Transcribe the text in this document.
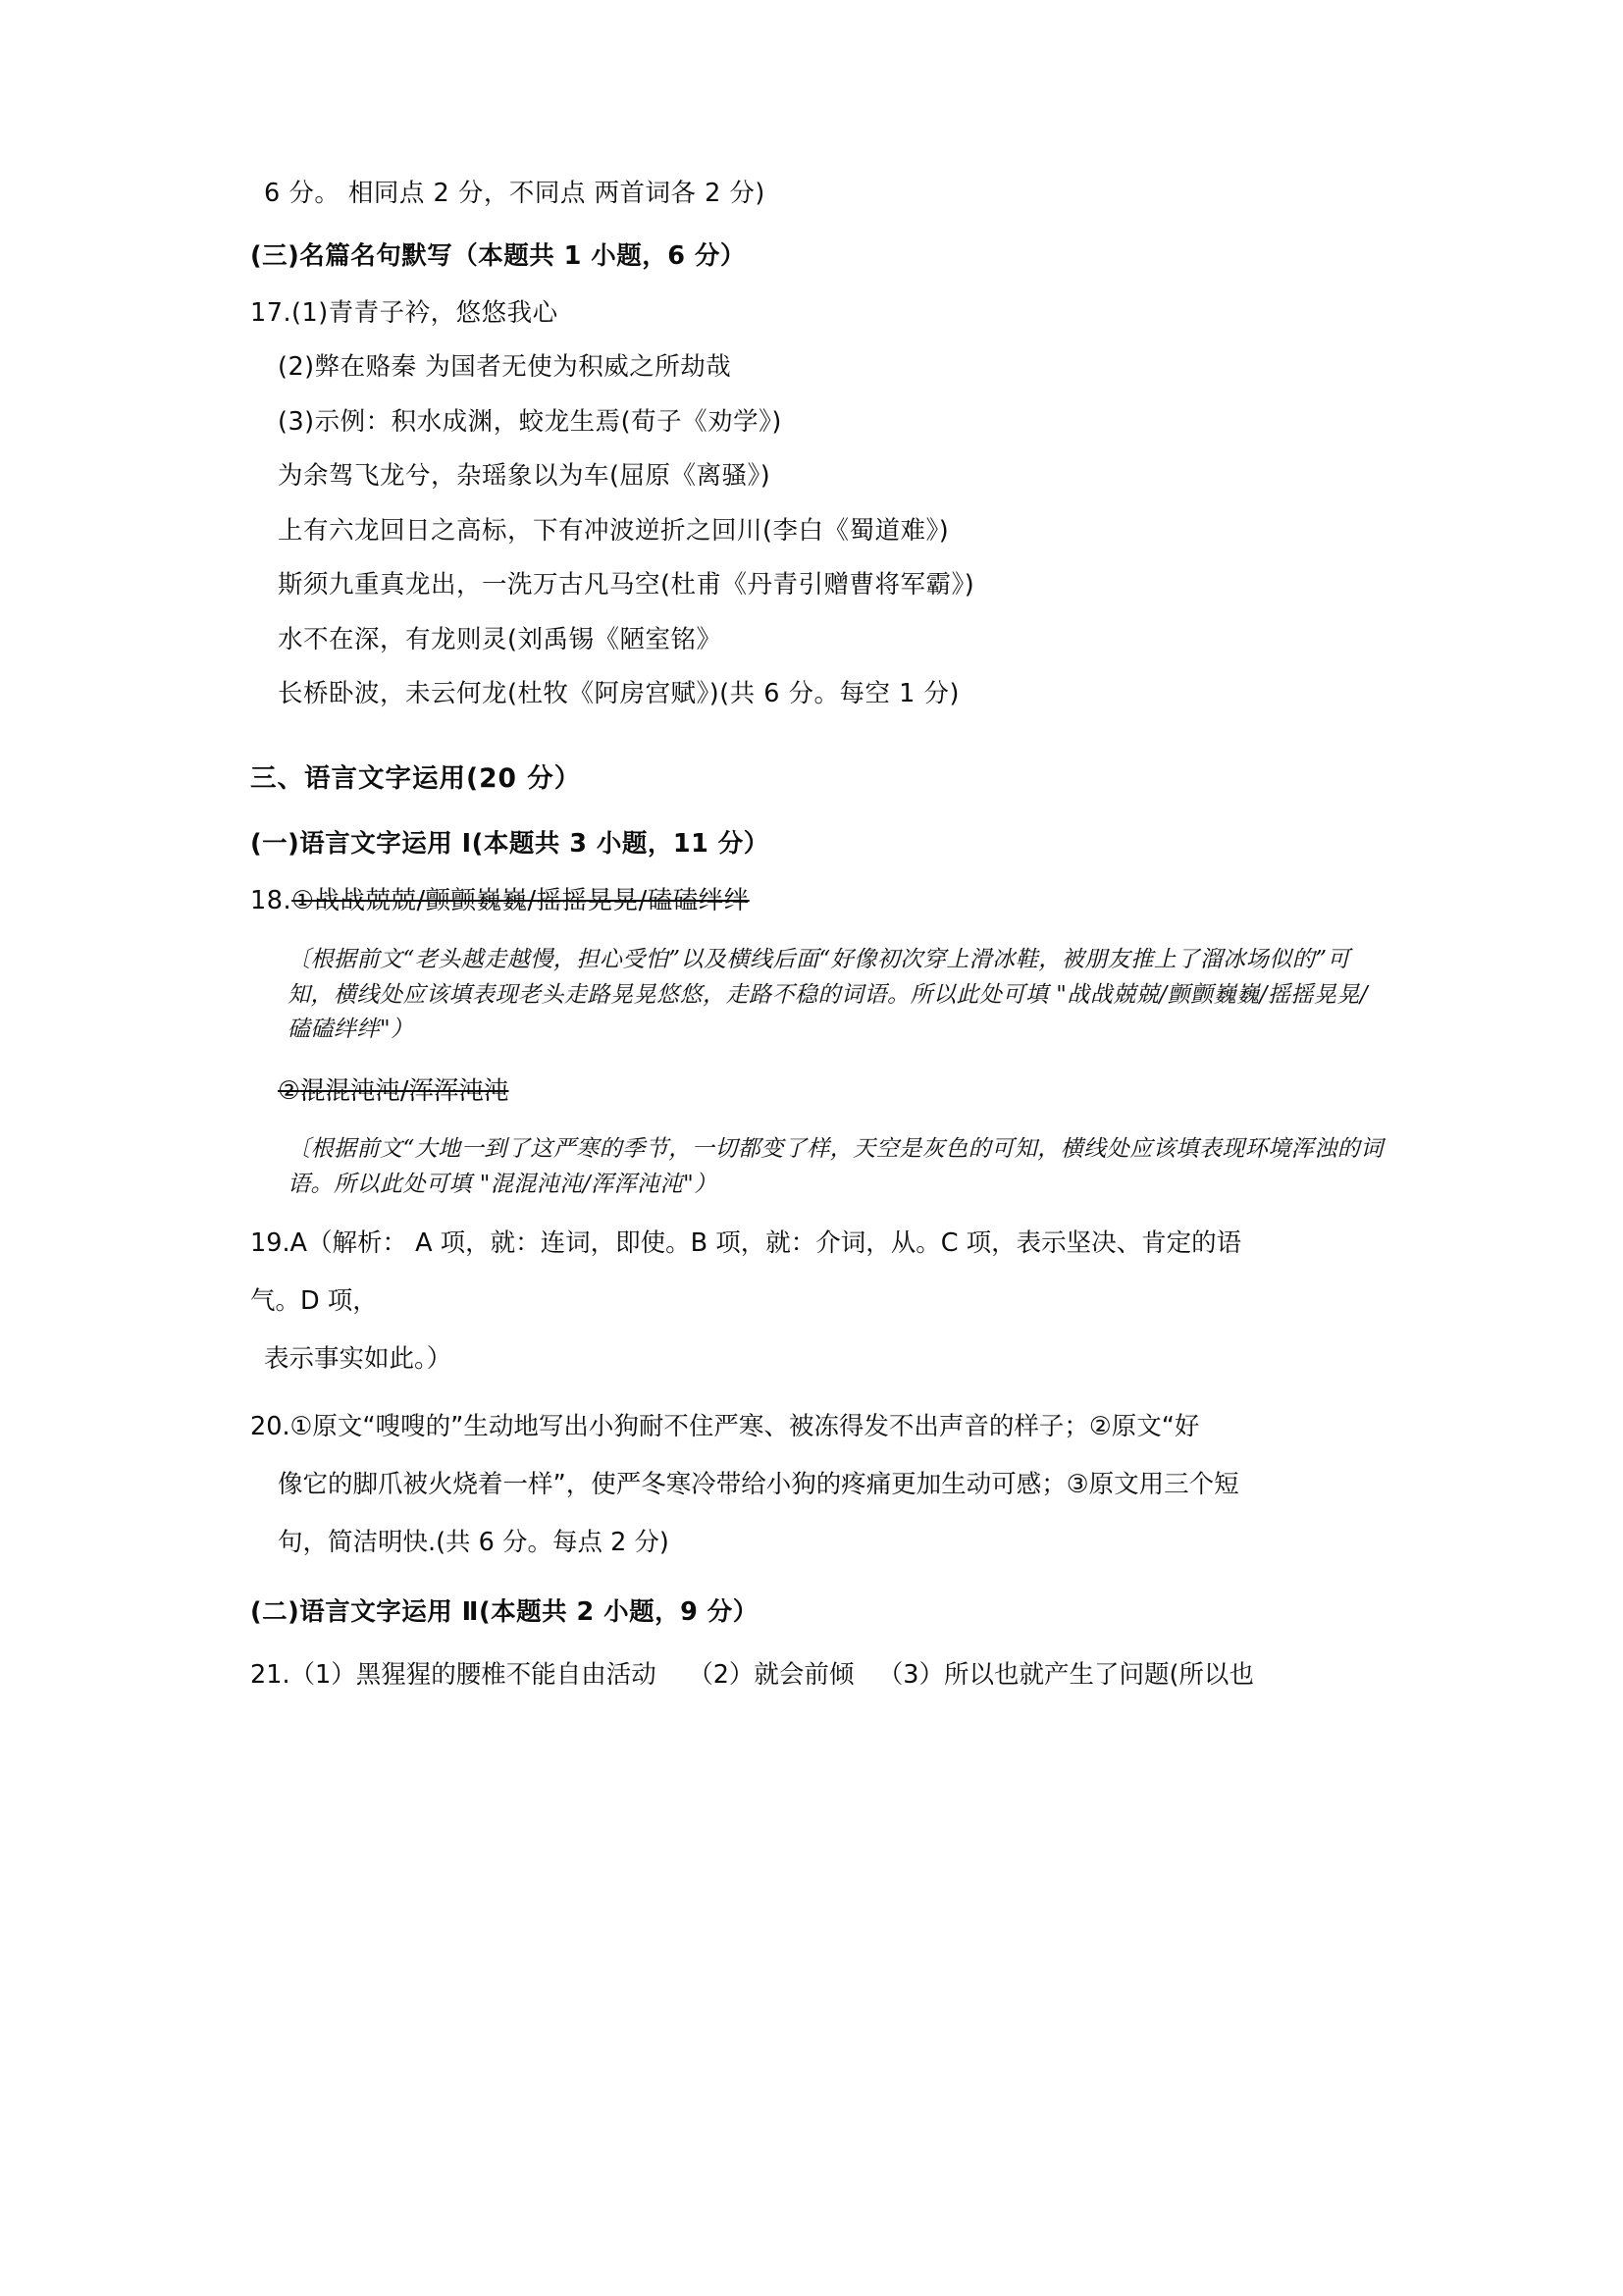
6 分。 相同点 2 分，不同点 两首词各 2 分)
(三)名篇名句默写（本题共 1 小题，6 分）
17.(1)青青子衿，悠悠我心
(2)弊在赂秦 为国者无使为积威之所劫哉
(3)示例：积水成渊，蛟龙生焉(荀子《劝学》)
为余驾飞龙兮，杂瑶象以为车(屈原《离骚》)
上有六龙回日之高标，下有冲波逆折之回川(李白《蜀道难》)
斯须九重真龙出，一洗万古凡马空(杜甫《丹青引赠曹将军霸》)
水不在深，有龙则灵(刘禹锡《陋室铭》
长桥卧波，未云何龙(杜牧《阿房宫赋》)(共 6 分。每空 1 分)
三、语言文字运用(20 分）
(一)语言文字运用 I(本题共 3 小题，11 分）
18.①战战兢兢/颤颤巍巍/摇摇晃晃/磕磕绊绊
〔根据前文“老头越走越慢，担心受怕”以及横线后面“好像初次穿上滑冰鞋，被朋友推上了溜冰场似的”可知，横线处应该填表现老头走路晃晃悠悠，走路不稳的词语。所以此处可填 "战战兢兢/颤颤巍巍/摇摇晃晃/磕磕绊绊"）
②混混沌沌/浑浑沌沌
〔根据前文“大地一到了这严寒的季节，一切都变了样，天空是灰色的可知，横线处应该填表现环境浑浊的词语。所以此处可填 "混混沌沌/浑浑沌沌"）
19.A（解析： A 项，就：连词，即使。B 项，就：介词，从。C 项，表示坚决、肯定的语
气。D 项，
表示事实如此。）
20.①原文“嗖嗖的”生动地写出小狗耐不住严寒、被冻得发不出声音的样子；②原文“好
像它的脚爪被火烧着一样”，使严冬寒冷带给小狗的疼痛更加生动可感；③原文用三个短
句，简洁明快.(共 6 分。每点 2 分)
(二)语言文字运用 Ⅱ(本题共 2 小题，9 分）
21.（1）黑猩猩的腰椎不能自由活动    （2）就会前倾   （3）所以也就产生了问题(所以也
